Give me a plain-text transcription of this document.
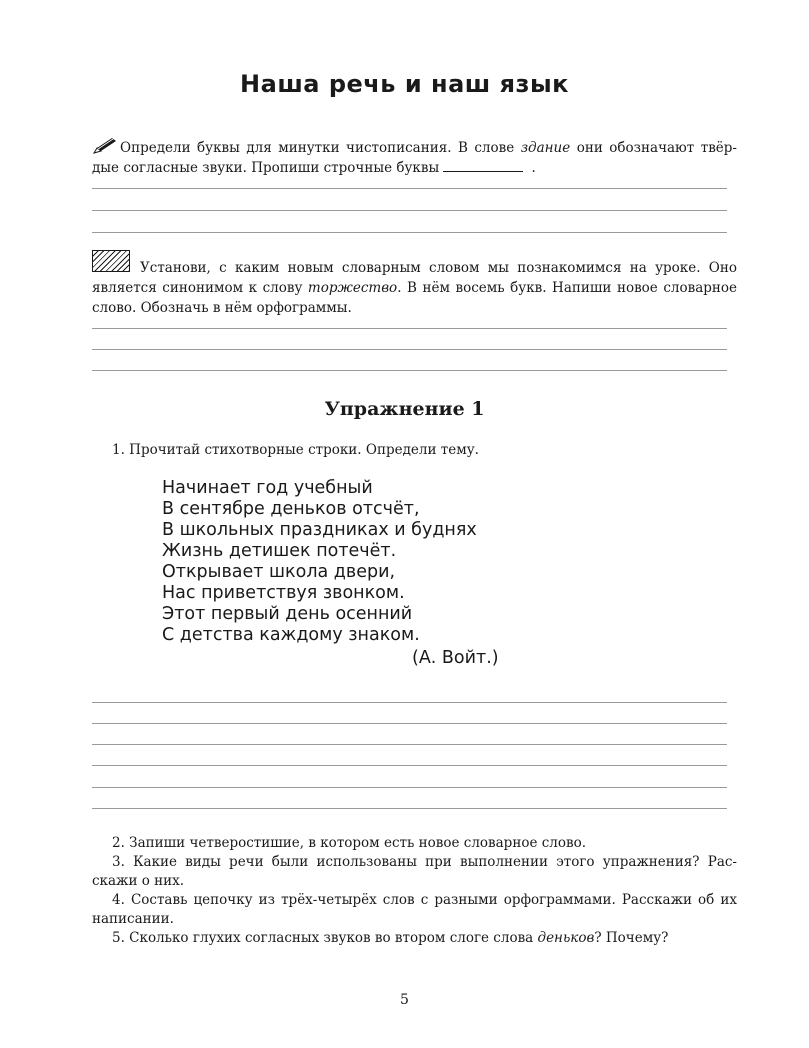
Наша речь и наш язык
Определи буквы для минутки чистописания. В слове здание они обозначают твёр-дые согласные звуки. Пропиши строчные буквы	.
Установи, с каким новым словарным словом мы познакомимся на уроке. Оно является синонимом к слову торжество. В нём восемь букв. Напиши новое словарное слово. Обозначь в нём орфограммы.
Упражнение 1
1. Прочитай стихотворные строки. Определи тему.
Начинает год учебный
В сентябре деньков отсчёт,
В школьных праздниках и буднях
Жизнь детишек потечёт.
Открывает школа двери,
Нас приветствуя звонком.
Этот первый день осенний
С детства каждому знаком.
(А. Войт.)
2. Запиши четверостишие, в котором есть новое словарное слово.
3. Какие виды речи были использованы при выполнении этого упражнения? Рас-скажи о них.
4. Составь цепочку из трёх-четырёх слов с разными орфограммами. Расскажи об их написании.
5. Сколько глухих согласных звуков во втором слоге слова деньков? Почему?
5
